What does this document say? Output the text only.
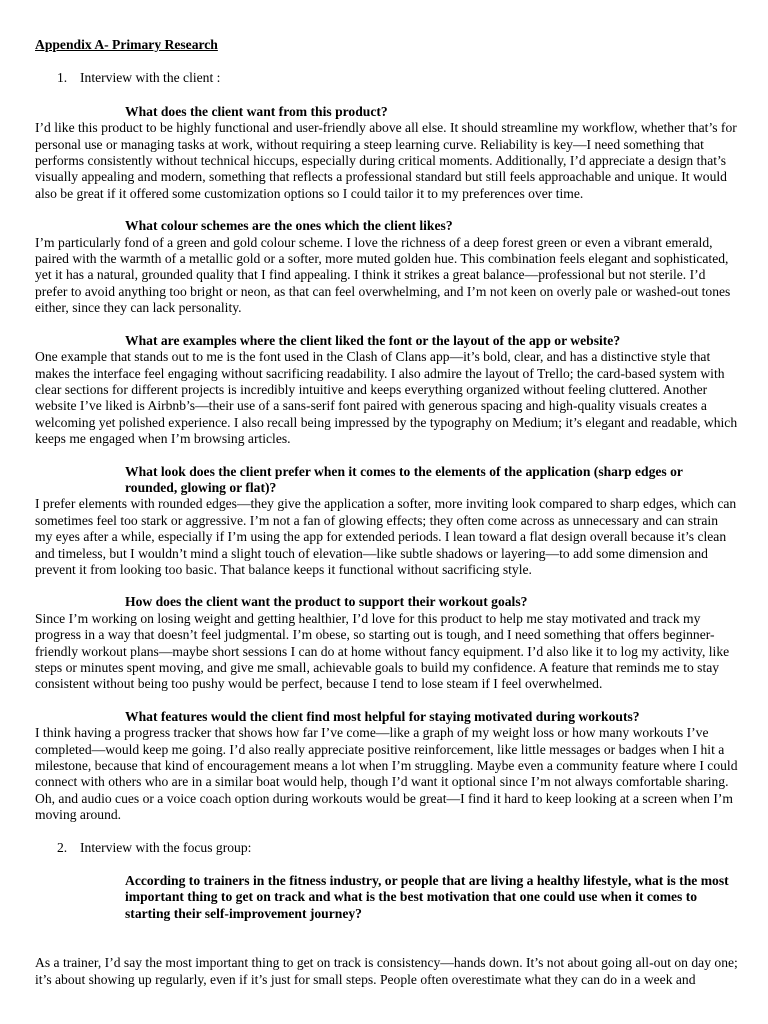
Appendix A- Primary Research

1. Interview with the client :

What does the client want from this product?

I’d like this product to be highly functional and user-friendly above all else. It should streamline my workflow, whether that’s for personal use or managing tasks at work, without requiring a steep learning curve. Reliability is key—I need something that performs consistently without technical hiccups, especially during critical moments. Additionally, I’d appreciate a design that’s visually appealing and modern, something that reflects a professional standard but still feels approachable and unique. It would also be great if it offered some customization options so I could tailor it to my preferences over time.

What colour schemes are the ones which the client likes?

I’m particularly fond of a green and gold colour scheme. I love the richness of a deep forest green or even a vibrant emerald, paired with the warmth of a metallic gold or a softer, more muted golden hue. This combination feels elegant and sophisticated, yet it has a natural, grounded quality that I find appealing. I think it strikes a great balance—professional but not sterile. I’d prefer to avoid anything too bright or neon, as that can feel overwhelming, and I’m not keen on overly pale or washed-out tones either, since they can lack personality.

What are examples where the client liked the font or the layout of the app or website?

One example that stands out to me is the font used in the Clash of Clans app—it’s bold, clear, and has a distinctive style that makes the interface feel engaging without sacrificing readability. I also admire the layout of Trello; the card-based system with clear sections for different projects is incredibly intuitive and keeps everything organized without feeling cluttered. Another website I’ve liked is Airbnb’s—their use of a sans-serif font paired with generous spacing and high-quality visuals creates a welcoming yet polished experience. I also recall being impressed by the typography on Medium; it’s elegant and readable, which keeps me engaged when I’m browsing articles.

What look does the client prefer when it comes to the elements of the application (sharp edges or rounded, glowing or flat)?

I prefer elements with rounded edges—they give the application a softer, more inviting look compared to sharp edges, which can sometimes feel too stark or aggressive. I’m not a fan of glowing effects; they often come across as unnecessary and can strain my eyes after a while, especially if I’m using the app for extended periods. I lean toward a flat design overall because it’s clean and timeless, but I wouldn’t mind a slight touch of elevation—like subtle shadows or layering—to add some dimension and prevent it from looking too basic. That balance keeps it functional without sacrificing style.

How does the client want the product to support their workout goals?

Since I’m working on losing weight and getting healthier, I’d love for this product to help me stay motivated and track my progress in a way that doesn’t feel judgmental. I’m obese, so starting out is tough, and I need something that offers beginner-friendly workout plans—maybe short sessions I can do at home without fancy equipment. I’d also like it to log my activity, like steps or minutes spent moving, and give me small, achievable goals to build my confidence. A feature that reminds me to stay consistent without being too pushy would be perfect, because I tend to lose steam if I feel overwhelmed.

What features would the client find most helpful for staying motivated during workouts?

I think having a progress tracker that shows how far I’ve come—like a graph of my weight loss or how many workouts I’ve completed—would keep me going. I’d also really appreciate positive reinforcement, like little messages or badges when I hit a milestone, because that kind of encouragement means a lot when I’m struggling. Maybe even a community feature where I could connect with others who are in a similar boat would help, though I’d want it optional since I’m not always comfortable sharing. Oh, and audio cues or a voice coach option during workouts would be great—I find it hard to keep looking at a screen when I’m moving around.

2. Interview with the focus group:

According to trainers in the fitness industry, or people that are living a healthy lifestyle, what is the most important thing to get on track and what is the best motivation that one could use when it comes to starting their self-improvement journey?

As a trainer, I’d say the most important thing to get on track is consistency—hands down. It’s not about going all-out on day one; it’s about showing up regularly, even if it’s just for small steps. People often overestimate what they can do in a week and
